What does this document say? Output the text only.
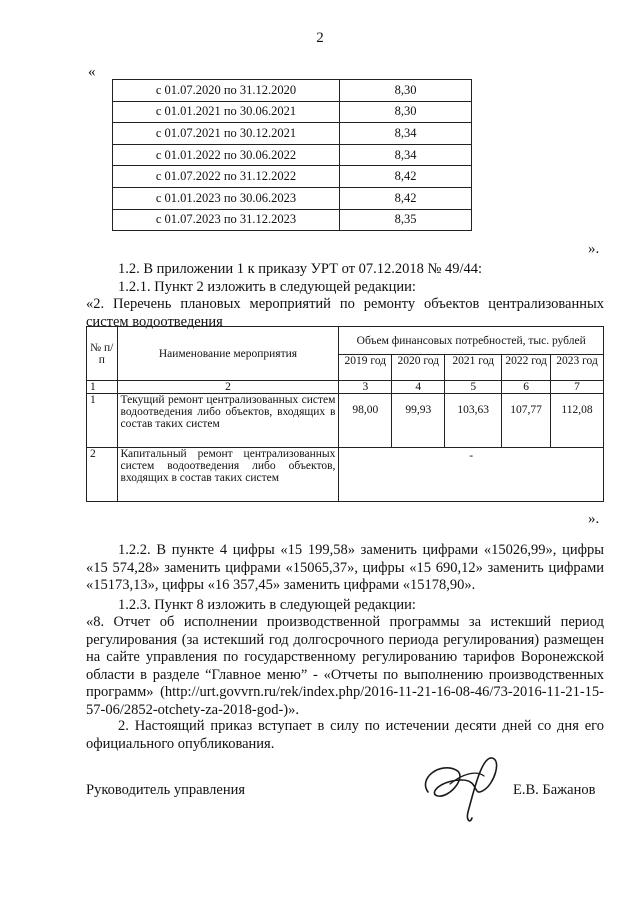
2
«
с 01.07.2020 по 31.12.2020	8,30
с 01.01.2021 по 30.06.2021	8,30
с 01.07.2021 по 30.12.2021	8,34
с 01.01.2022 по 30.06.2022	8,34
с 01.07.2022 по 31.12.2022	8,42
с 01.01.2023 по 30.06.2023	8,42
с 01.07.2023 по 31.12.2023	8,35
».
1.2. В приложении 1 к приказу УРТ от 07.12.2018 № 49/44:
1.2.1. Пункт 2 изложить в следующей редакции:
«2. Перечень плановых мероприятий по ремонту объектов централизованных систем водоотведения
№ п/п	Наименование мероприятия	Объем финансовых потребностей, тыс. рублей				
		2019 год	2020 год	2021 год	2022 год	2023 год
1	2	3	4	5	6	7
1	Текущий ремонт централизованных систем водоотведения либо объектов, входящих в состав таких систем	98,00	99,93	103,63	107,77	112,08
2	Капитальный ремонт централизованных систем водоотведения либо объектов, входящих в состав таких систем	-				
».
1.2.2. В пункте 4 цифры «15 199,58» заменить цифрами «15026,99», цифры «15 574,28» заменить цифрами «15065,37», цифры «15 690,12» заменить цифрами «15173,13», цифры «16 357,45» заменить цифрами «15178,90».
1.2.3. Пункт 8 изложить в следующей редакции:
«8. Отчет об исполнении производственной программы за истекший период регулирования (за истекший год долгосрочного периода регулирования) размещен на сайте управления по государственному регулированию тарифов Воронежской области в разделе “Главное меню” - «Отчеты по выполнению производственных программ» (http://urt.govvrn.ru/rek/index.php/2016-11-21-16-08-46/73-2016-11-21-15-57-06/2852-otchety-za-2018-god-)».
2. Настоящий приказ вступает в силу по истечении десяти дней со дня его официального опубликования.
Руководитель управления	Е.В. Бажанов
